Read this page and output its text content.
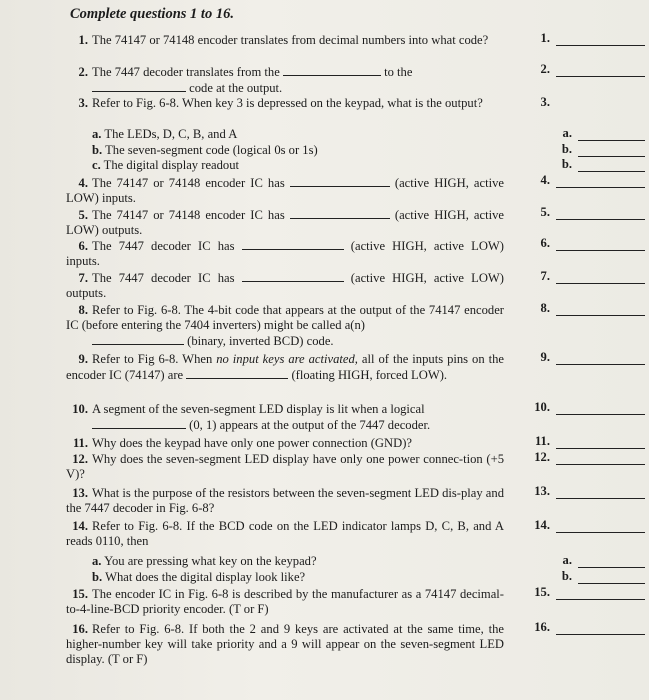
Complete questions 1 to 16.
1. The 74147 or 74148 encoder translates from decimal numbers into what code?
2. The 7447 decoder translates from the	to the
code at the output.
3. Refer to Fig. 6-8. When key 3 is depressed on the keypad, what is the output?
a. The LEDs, D, C, B, and A
b. The seven-segment code (logical 0s or 1s)
c. The digital display readout
4. The 74147 or 74148 encoder IC has	(active HIGH, active LOW) inputs.
5. The 74147 or 74148 encoder IC has	(active HIGH, active LOW) outputs.
6. The 7447 decoder IC has	(active HIGH, active LOW) inputs.
7. The 7447 decoder IC has	(active HIGH, active LOW) outputs.
8. Refer to Fig. 6-8. The 4-bit code that appears at the output of the 74147 encoder IC (before entering the 7404 inverters) might be called a(n)
(binary, inverted BCD) code.
9. Refer to Fig 6-8. When no input keys are activated, all of the inputs pins on the encoder IC (74147) are	(floating HIGH, forced LOW).
10. A segment of the seven-segment LED display is lit when a logical
(0, 1) appears at the output of the 7447 decoder.
11. Why does the keypad have only one power connection (GND)?
12. Why does the seven-segment LED display have only one power connec-tion (+5 V)?
13. What is the purpose of the resistors between the seven-segment LED dis-play and the 7447 decoder in Fig. 6-8?
14. Refer to Fig. 6-8. If the BCD code on the LED indicator lamps D, C, B, and A reads 0110, then
a. You are pressing what key on the keypad?
b. What does the digital display look like?
15. The encoder IC in Fig. 6-8 is described by the manufacturer as a 74147 decimal-to-4-line-BCD priority encoder. (T or F)
16. Refer to Fig. 6-8. If both the 2 and 9 keys are activated at the same time, the higher-number key will take priority and a 9 will appear on the seven-segment LED display. (T or F)
1.
2.
3.
a.
b.
b.
4.
5.
6.
7.
8.
9.
10.
11.
12.
13.
14.
a.
b.
15.
16.
